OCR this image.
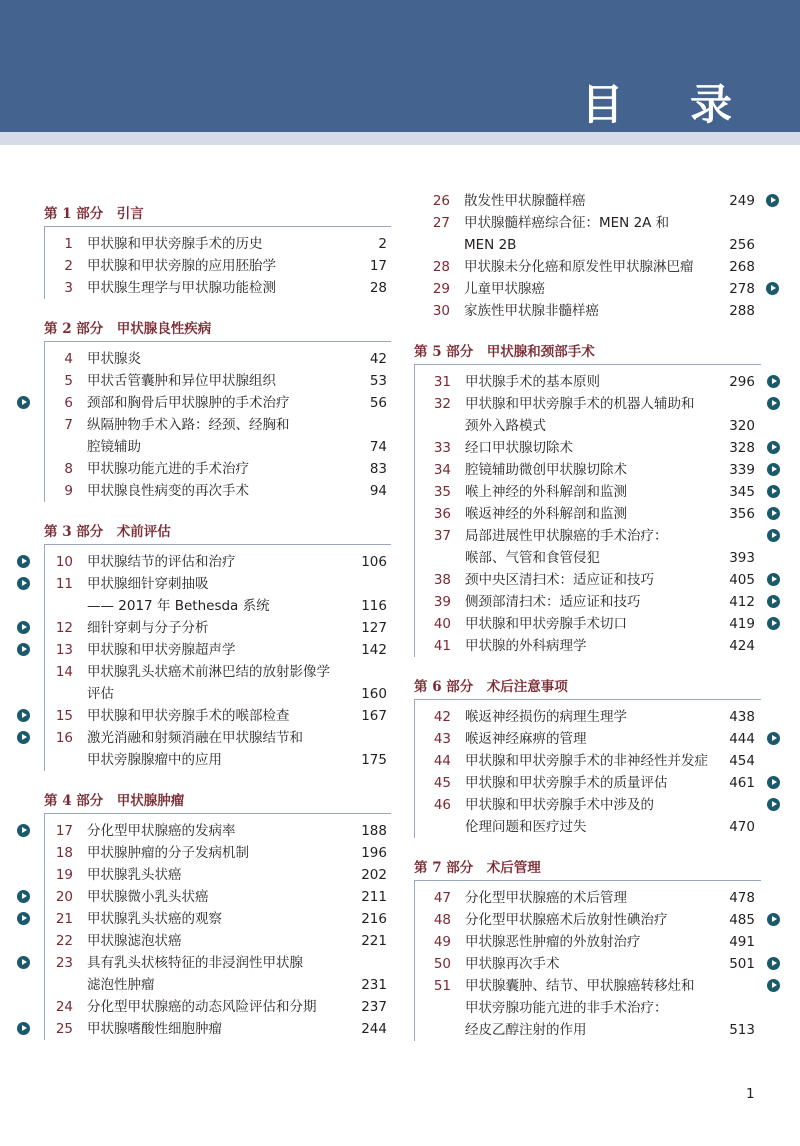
目 录
第 1 部分　引言
1 甲状腺和甲状旁腺手术的历史	2
2 甲状腺和甲状旁腺的应用胚胎学	17
3 甲状腺生理学与甲状腺功能检测	28
第 2 部分　甲状腺良性疾病
4 甲状腺炎	42
5 甲状舌管囊肿和异位甲状腺组织	53
6 颈部和胸骨后甲状腺肿的手术治疗	56
7 纵隔肿物手术入路：经颈、经胸和
腔镜辅助	74
8 甲状腺功能亢进的手术治疗	83
9 甲状腺良性病变的再次手术	94
第 3 部分　术前评估
10 甲状腺结节的评估和治疗	106
11 甲状腺细针穿刺抽吸
—— 2017 年 Bethesda 系统	116
12 细针穿刺与分子分析	127
13 甲状腺和甲状旁腺超声学	142
14 甲状腺乳头状癌术前淋巴结的放射影像学
评估	160
15 甲状腺和甲状旁腺手术的喉部检查	167
16 激光消融和射频消融在甲状腺结节和
甲状旁腺腺瘤中的应用	175
第 4 部分　甲状腺肿瘤
17 分化型甲状腺癌的发病率	188
18 甲状腺肿瘤的分子发病机制	196
19 甲状腺乳头状癌	202
20 甲状腺微小乳头状癌	211
21 甲状腺乳头状癌的观察	216
22 甲状腺滤泡状癌	221
23 具有乳头状核特征的非浸润性甲状腺
滤泡性肿瘤	231
24 分化型甲状腺癌的动态风险评估和分期	237
25 甲状腺嗜酸性细胞肿瘤	244
26 散发性甲状腺髓样癌	249
27 甲状腺髓样癌综合征：MEN 2A 和
MEN 2B	256
28 甲状腺未分化癌和原发性甲状腺淋巴瘤	268
29 儿童甲状腺癌	278
30 家族性甲状腺非髓样癌	288
第 5 部分　甲状腺和颈部手术
31 甲状腺手术的基本原则	296
32 甲状腺和甲状旁腺手术的机器人辅助和
颈外入路模式	320
33 经口甲状腺切除术	328
34 腔镜辅助微创甲状腺切除术	339
35 喉上神经的外科解剖和监测	345
36 喉返神经的外科解剖和监测	356
37 局部进展性甲状腺癌的手术治疗：
喉部、气管和食管侵犯	393
38 颈中央区清扫术：适应证和技巧	405
39 侧颈部清扫术：适应证和技巧	412
40 甲状腺和甲状旁腺手术切口	419
41 甲状腺的外科病理学	424
第 6 部分　术后注意事项
42 喉返神经损伤的病理生理学	438
43 喉返神经麻痹的管理	444
44 甲状腺和甲状旁腺手术的非神经性并发症 454
45 甲状腺和甲状旁腺手术的质量评估	461
46 甲状腺和甲状旁腺手术中涉及的
伦理问题和医疗过失	470
第 7 部分　术后管理
47 分化型甲状腺癌的术后管理	478
48 分化型甲状腺癌术后放射性碘治疗	485
49 甲状腺恶性肿瘤的外放射治疗	491
50 甲状腺再次手术	501
51 甲状腺囊肿、结节、甲状腺癌转移灶和
甲状旁腺功能亢进的非手术治疗：
经皮乙醇注射的作用	513

1
